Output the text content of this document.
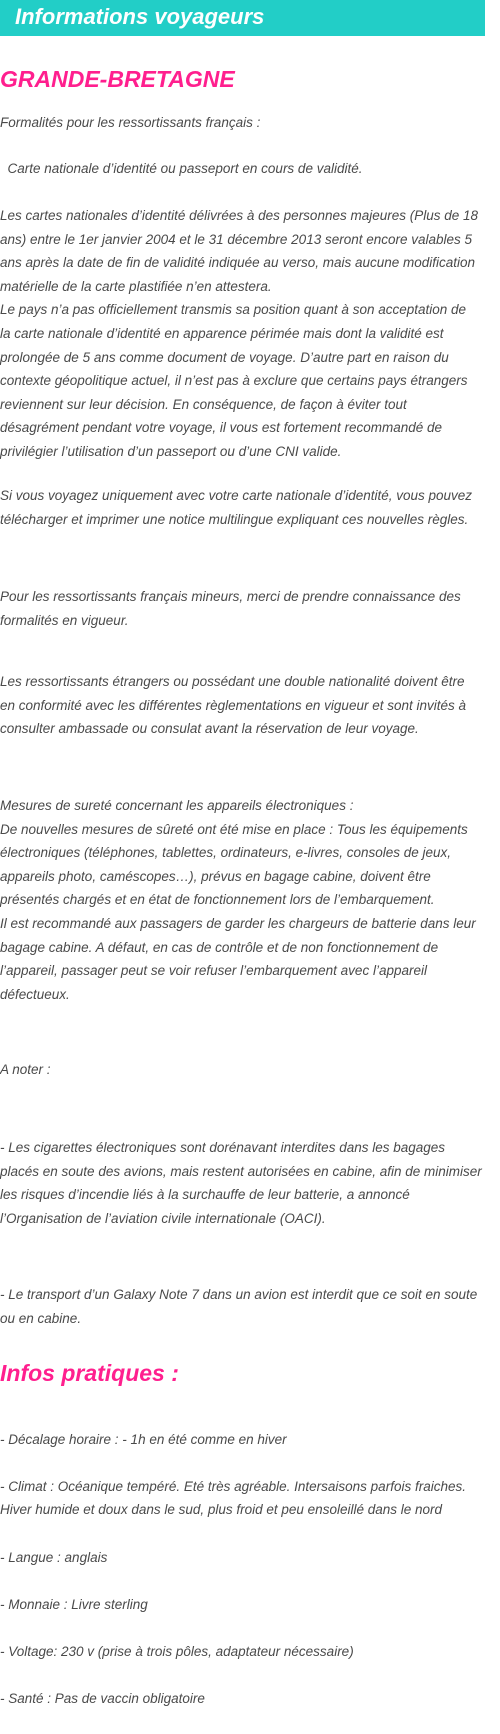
Informations voyageurs
GRANDE-BRETAGNE
Formalités pour les ressortissants français :
Carte nationale d’identité ou passeport en cours de validité.
Les cartes nationales d’identité délivrées à des personnes majeures (Plus de 18
ans) entre le 1er janvier 2004 et le 31 décembre 2013 seront encore valables 5
ans après la date de fin de validité indiquée au verso, mais aucune modification
matérielle de la carte plastifiée n’en attestera.
Le pays n’a pas officiellement transmis sa position quant à son acceptation de
la carte nationale d’identité en apparence périmée mais dont la validité est
prolongée de 5 ans comme document de voyage. D’autre part en raison du
contexte géopolitique actuel, il n’est pas à exclure que certains pays étrangers
reviennent sur leur décision. En conséquence, de façon à éviter tout
désagrément pendant votre voyage, il vous est fortement recommandé de
privilégier l’utilisation d’un passeport ou d’une CNI valide.
Si vous voyagez uniquement avec votre carte nationale d’identité, vous pouvez
télécharger et imprimer une notice multilingue expliquant ces nouvelles règles.
Pour les ressortissants français mineurs, merci de prendre connaissance des
formalités en vigueur.
Les ressortissants étrangers ou possédant une double nationalité doivent être
en conformité avec les différentes règlementations en vigueur et sont invités à
consulter ambassade ou consulat avant la réservation de leur voyage.
Mesures de sureté concernant les appareils électroniques :
De nouvelles mesures de sûreté ont été mise en place : Tous les équipements
électroniques (téléphones, tablettes, ordinateurs, e-livres, consoles de jeux,
appareils photo, caméscopes…), prévus en bagage cabine, doivent être
présentés chargés et en état de fonctionnement lors de l’embarquement.
Il est recommandé aux passagers de garder les chargeurs de batterie dans leur
bagage cabine. A défaut, en cas de contrôle et de non fonctionnement de
l’appareil, passager peut se voir refuser l’embarquement avec l’appareil
défectueux.
A noter :
- Les cigarettes électroniques sont dorénavant interdites dans les bagages
placés en soute des avions, mais restent autorisées en cabine, afin de minimiser
les risques d’incendie liés à la surchauffe de leur batterie, a annoncé
l’Organisation de l’aviation civile internationale (OACI).
- Le transport d’un Galaxy Note 7 dans un avion est interdit que ce soit en soute
ou en cabine.
Infos pratiques :

- Décalage horaire : - 1h en été comme en hiver

- Climat : Océanique tempéré. Eté très agréable. Intersaisons parfois fraiches.
Hiver humide et doux dans le sud, plus froid et peu ensoleillé dans le nord

- Langue : anglais

- Monnaie : Livre sterling

- Voltage: 230 v (prise à trois pôles, adaptateur nécessaire)

- Santé : Pas de vaccin obligatoire
